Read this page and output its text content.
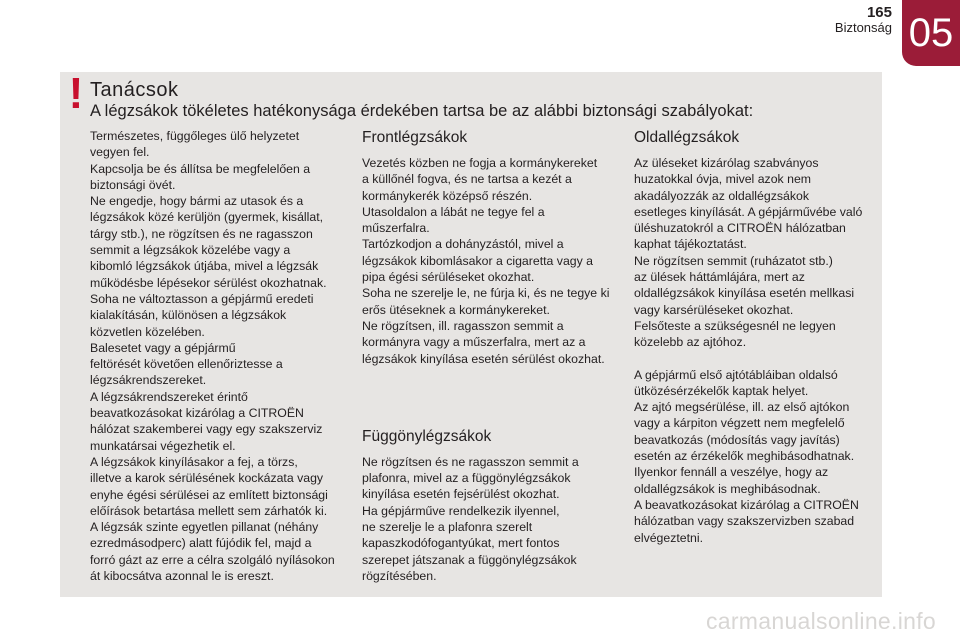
165
Biztonság 05
! Tanácsok
A légzsákok tökéletes hatékonysága érdekében tartsa be az alábbi biztonsági szabályokat:

Természetes, függőleges ülő helyzetet

vegyen fel.

Kapcsolja be és állítsa be megfelelően a

biztonsági övét.

Ne engedje, hogy bármi az utasok és a

légzsákok közé kerüljön (gyermek, kisállat,

tárgy stb.), ne rögzítsen és ne ragasszon

semmit a légzsákok közelébe vagy a

kibomló légzsákok útjába, mivel a légzsák

működésbe lépésekor sérülést okozhatnak.

Soha ne változtasson a gépjármű eredeti

kialakításán, különösen a légzsákok

közvetlen közelében.

Balesetet vagy a gépjármű

feltörését követően ellenőriztesse a

légzsákrendszereket.

A légzsákrendszereket érintő

beavatkozásokat kizárólag a CITROËN

hálózat szakemberei vagy egy szakszerviz

munkatársai végezhetik el.

A légzsákok kinyílásakor a fej, a törzs,

illetve a karok sérülésének kockázata vagy

enyhe égési sérülései az említett biztonsági

előírások betartása mellett sem zárhatók ki.

A légzsák szinte egyetlen pillanat (néhány

ezredmásodperc) alatt fújódik fel, majd a

forró gázt az erre a célra szolgáló nyílásokon

át kibocsátva azonnal le is ereszt.

Frontlégzsákok

Vezetés közben ne fogja a kormánykereket

a küllőnél fogva, és ne tartsa a kezét a

kormánykerék középső részén.

Utasoldalon a lábát ne tegye fel a

műszerfalra.

Tartózkodjon a dohányzástól, mivel a

légzsákok kibomlásakor a cigaretta vagy a

pipa égési sérüléseket okozhat.

Soha ne szerelje le, ne fúrja ki, és ne tegye ki

erős ütéseknek a kormánykereket.

Ne rögzítsen, ill. ragasszon semmit a

kormányra vagy a műszerfalra, mert az a

légzsákok kinyílása esetén sérülést okozhat.

Függönylégzsákok

Ne rögzítsen és ne ragasszon semmit a

plafonra, mivel az a függönylégzsákok

kinyílása esetén fejsérülést okozhat.

Ha gépjárműve rendelkezik ilyennel,

ne szerelje le a plafonra szerelt

kapaszkodófogantyúkat, mert fontos

szerepet játszanak a függönylégzsákok

rögzítésében.

Oldallégzsákok

Az üléseket kizárólag szabványos

huzatokkal óvja, mivel azok nem

akadályozzák az oldallégzsákok

esetleges kinyílását. A gépjárművébe való

üléshuzatokról a CITROËN hálózatban

kaphat tájékoztatást.

Ne rögzítsen semmit (ruházatot stb.)

az ülések háttámlájára, mert az

oldallégzsákok kinyílása esetén mellkasi

vagy karsérüléseket okozhat.

Felsőteste a szükségesnél ne legyen

közelebb az ajtóhoz.

A gépjármű első ajtótábláiban oldalsó

ütközésérzékelők kaptak helyet.

Az ajtó megsérülése, ill. az első ajtókon

vagy a kárpiton végzett nem megfelelő

beavatkozás (módosítás vagy javítás)

esetén az érzékelők meghibásodhatnak.

Ilyenkor fennáll a veszélye, hogy az

oldallégzsákok is meghibásodnak.

A beavatkozásokat kizárólag a CITROËN

hálózatban vagy szakszervizben szabad

elvégeztetni.

carmanualsonline.info
